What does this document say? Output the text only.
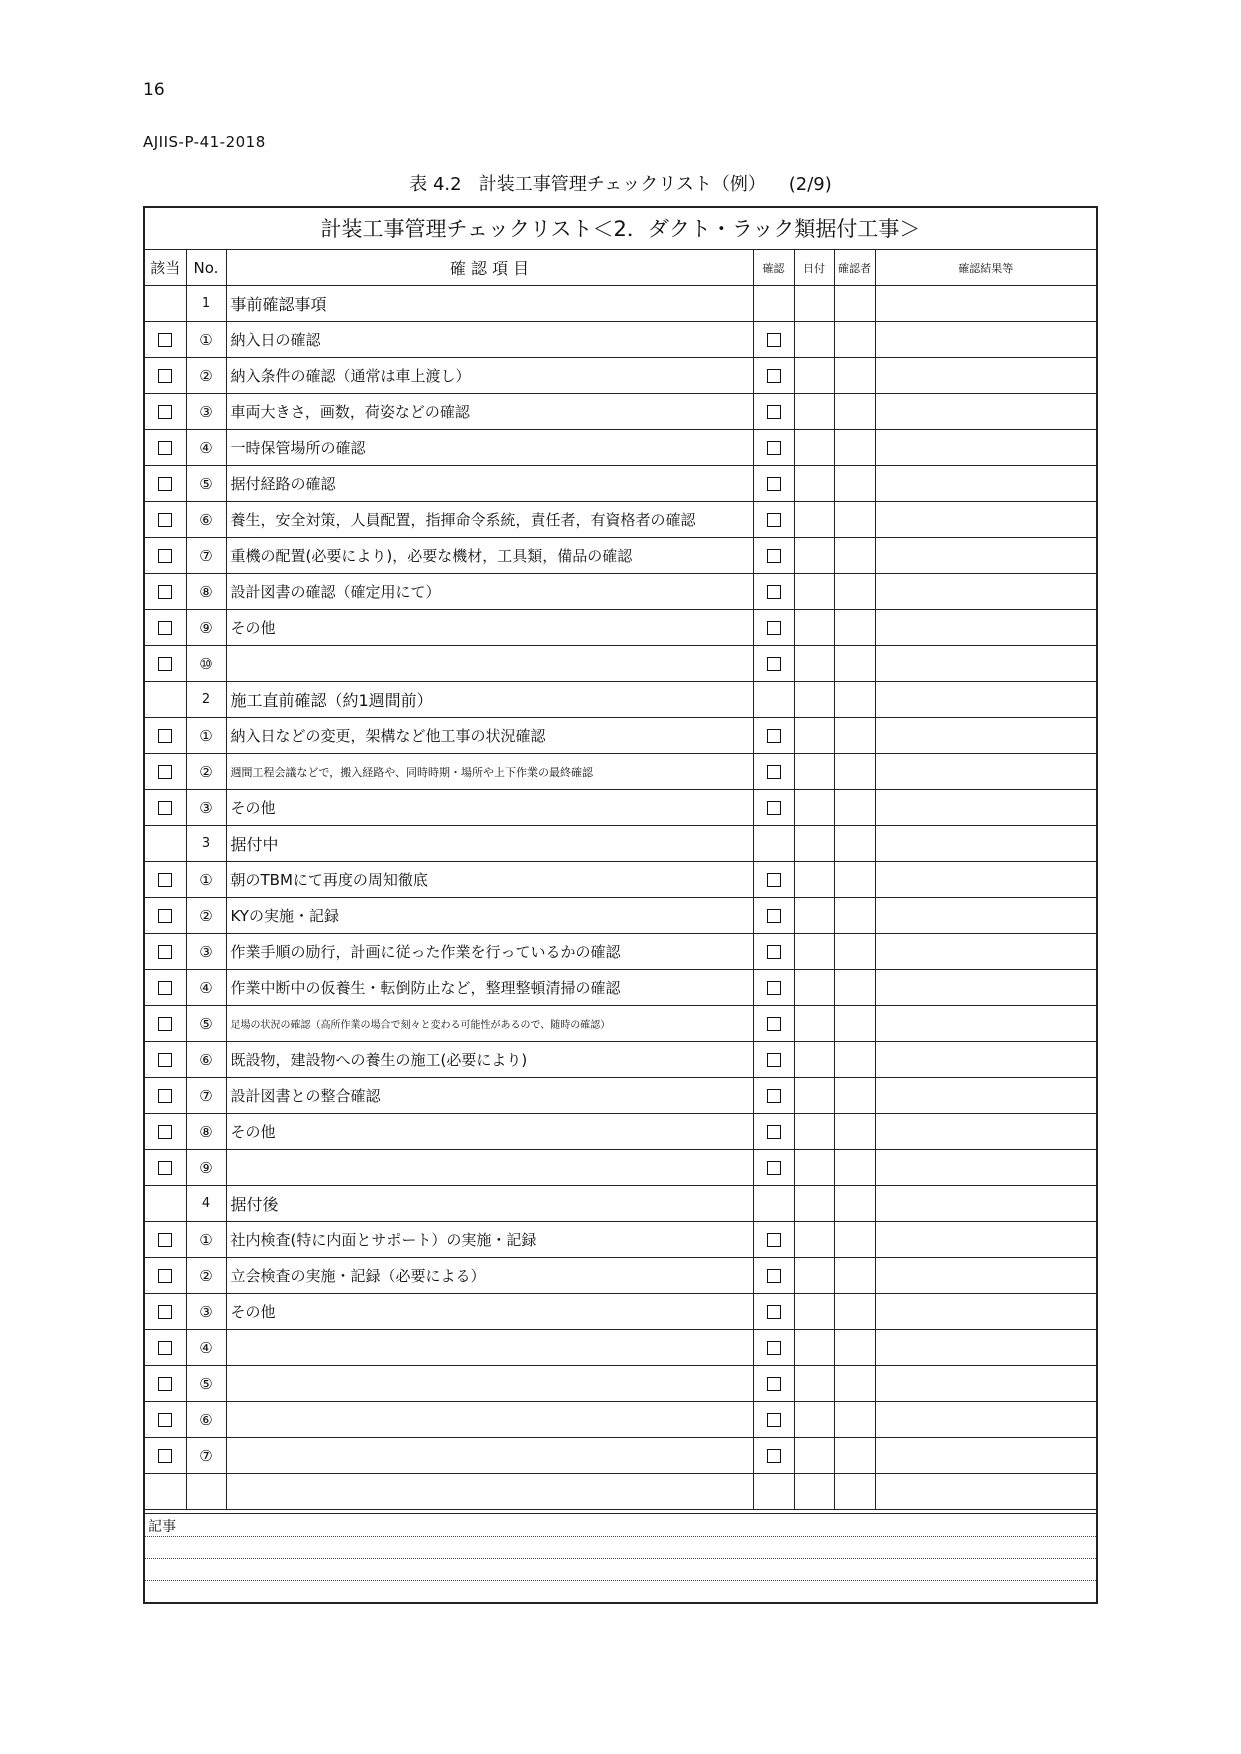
16
AJIIS-P-41-2018
表 4.2 計装工事管理チェックリスト（例） (2/9)
計装工事管理チェックリスト＜2．ダクト・ラック類据付工事＞
該当	No.	確 認 項 目	確認	日付	確認者	確認結果等
	1	事前確認事項				
	①	納入日の確認				
	②	納入条件の確認（通常は車上渡し）				
	③	車両大きさ，画数，荷姿などの確認				
	④	一時保管場所の確認				
	⑤	据付経路の確認				
	⑥	養生，安全対策，人員配置，指揮命令系統，責任者，有資格者の確認				
	⑦	重機の配置(必要により)，必要な機材，工具類，備品の確認				
	⑧	設計図書の確認（確定用にて）				
	⑨	その他				
	⑩					
	2	施工直前確認（約1週間前）				
	①	納入日などの変更，架構など他工事の状況確認				
	②	週間工程会議などで，搬入経路や、同時時期・場所や上下作業の最終確認				
	③	その他				
	3	据付中				
	①	朝のTBMにて再度の周知徹底				
	②	KYの実施・記録				
	③	作業手順の励行，計画に従った作業を行っているかの確認				
	④	作業中断中の仮養生・転倒防止など，整理整頓清掃の確認				
	⑤	足場の状況の確認（高所作業の場合で刻々と変わる可能性があるので、随時の確認）				
	⑥	既設物，建設物への養生の施工(必要により)				
	⑦	設計図書との整合確認				
	⑧	その他				
	⑨					
	4	据付後				
	①	社内検査(特に内面とサポート）の実施・記録				
	②	立会検査の実施・記録（必要による）				
	③	その他				
	④					
	⑤					
	⑥					
	⑦					

記事
